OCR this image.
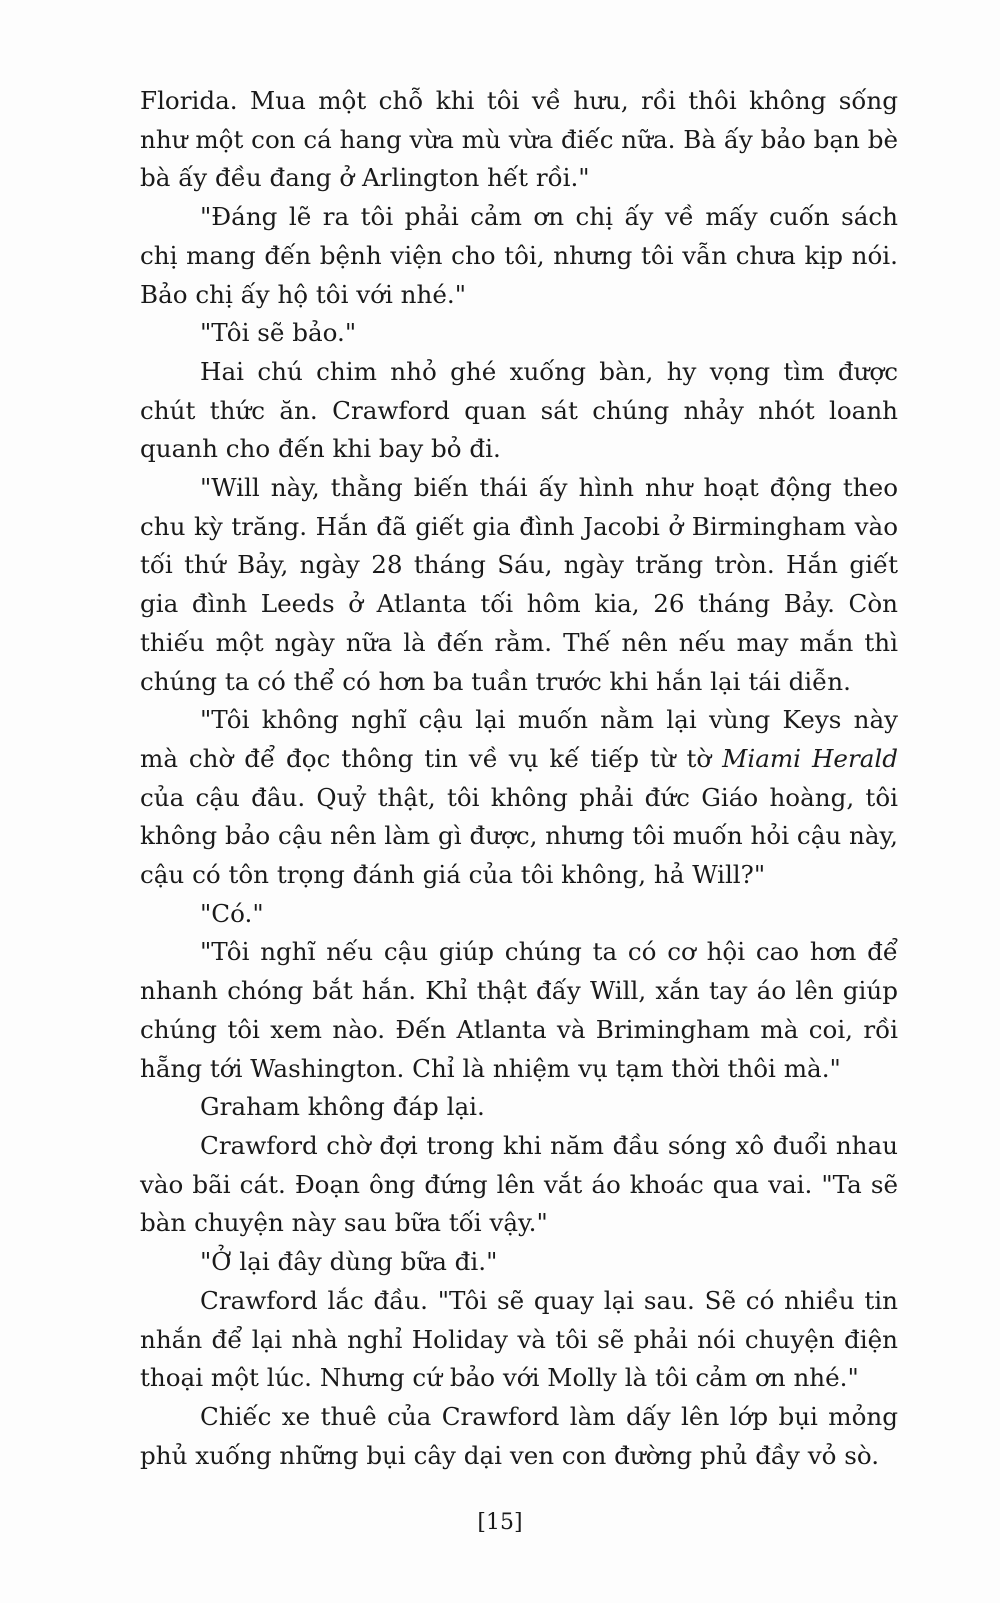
Florida. Mua một chỗ khi tôi về hưu, rồi thôi không sống như một con cá hang vừa mù vừa điếc nữa. Bà ấy bảo bạn bè bà ấy đều đang ở Arlington hết rồi."

"Đáng lẽ ra tôi phải cảm ơn chị ấy về mấy cuốn sách chị mang đến bệnh viện cho tôi, nhưng tôi vẫn chưa kịp nói. Bảo chị ấy hộ tôi với nhé."

"Tôi sẽ bảo."

Hai chú chim nhỏ ghé xuống bàn, hy vọng tìm được chút thức ăn. Crawford quan sát chúng nhảy nhót loanh quanh cho đến khi bay bỏ đi.

"Will này, thằng biến thái ấy hình như hoạt động theo chu kỳ trăng. Hắn đã giết gia đình Jacobi ở Birmingham vào tối thứ Bảy, ngày 28 tháng Sáu, ngày trăng tròn. Hắn giết gia đình Leeds ở Atlanta tối hôm kia, 26 tháng Bảy. Còn thiếu một ngày nữa là đến rằm. Thế nên nếu may mắn thì chúng ta có thể có hơn ba tuần trước khi hắn lại tái diễn.

"Tôi không nghĩ cậu lại muốn nằm lại vùng Keys này mà chờ để đọc thông tin về vụ kế tiếp từ tờ Miami Herald của cậu đâu. Quỷ thật, tôi không phải đức Giáo hoàng, tôi không bảo cậu nên làm gì được, nhưng tôi muốn hỏi cậu này, cậu có tôn trọng đánh giá của tôi không, hả Will?"

"Có."

"Tôi nghĩ nếu cậu giúp chúng ta có cơ hội cao hơn để nhanh chóng bắt hắn. Khỉ thật đấy Will, xắn tay áo lên giúp chúng tôi xem nào. Đến Atlanta và Brimingham mà coi, rồi hẵng tới Washington. Chỉ là nhiệm vụ tạm thời thôi mà."

Graham không đáp lại.

Crawford chờ đợi trong khi năm đầu sóng xô đuổi nhau vào bãi cát. Đoạn ông đứng lên vắt áo khoác qua vai. "Ta sẽ bàn chuyện này sau bữa tối vậy."

"Ở lại đây dùng bữa đi."

Crawford lắc đầu. "Tôi sẽ quay lại sau. Sẽ có nhiều tin nhắn để lại nhà nghỉ Holiday và tôi sẽ phải nói chuyện điện thoại một lúc. Nhưng cứ bảo với Molly là tôi cảm ơn nhé."

Chiếc xe thuê của Crawford làm dấy lên lớp bụi mỏng phủ xuống những bụi cây dại ven con đường phủ đầy vỏ sò.

[15]
